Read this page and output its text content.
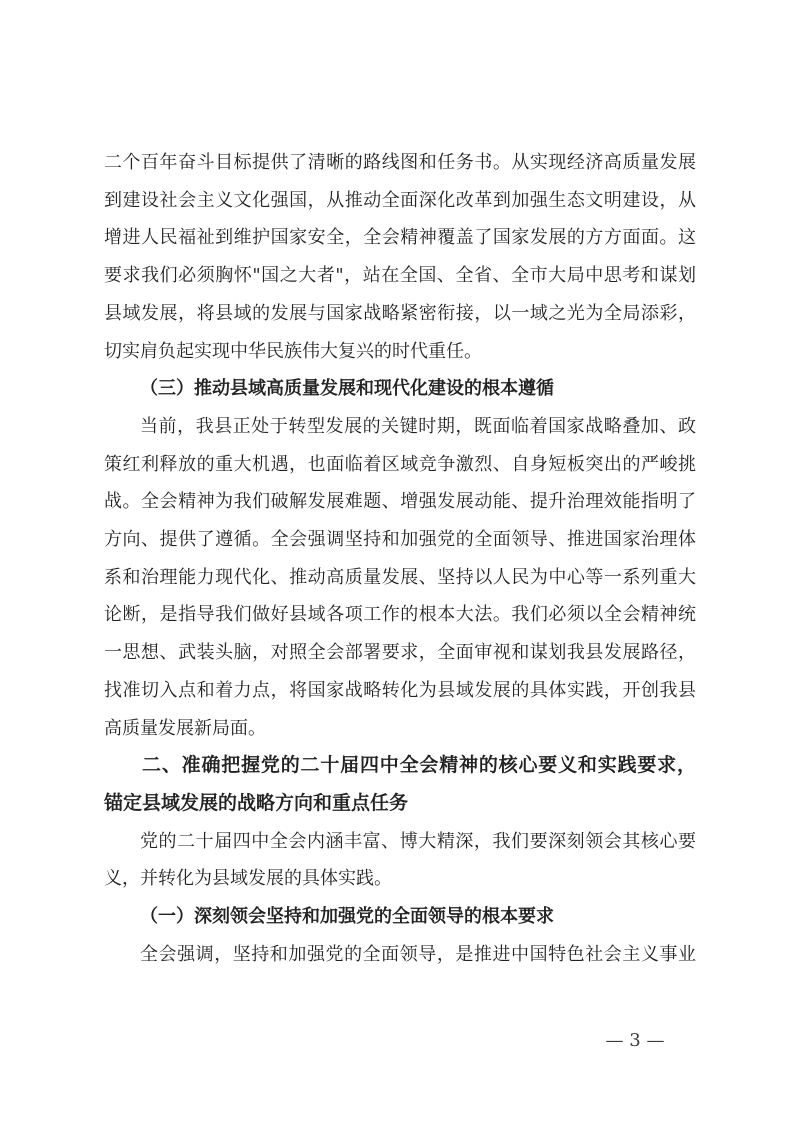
二个百年奋斗目标提供了清晰的路线图和任务书。从实现经济高质量发展

到建设社会主义文化强国，从推动全面深化改革到加强生态文明建设，从

增进人民福祉到维护国家安全，全会精神覆盖了国家发展的方方面面。这

要求我们必须胸怀"国之大者"，站在全国、全省、全市大局中思考和谋划

县域发展，将县域的发展与国家战略紧密衔接，以一域之光为全局添彩，

切实肩负起实现中华民族伟大复兴的时代重任。

（三）推动县域高质量发展和现代化建设的根本遵循

当前，我县正处于转型发展的关键时期，既面临着国家战略叠加、政

策红利释放的重大机遇，也面临着区域竞争激烈、自身短板突出的严峻挑

战。全会精神为我们破解发展难题、增强发展动能、提升治理效能指明了

方向、提供了遵循。全会强调坚持和加强党的全面领导、推进国家治理体

系和治理能力现代化、推动高质量发展、坚持以人民为中心等一系列重大

论断，是指导我们做好县域各项工作的根本大法。我们必须以全会精神统

一思想、武装头脑，对照全会部署要求，全面审视和谋划我县发展路径，

找准切入点和着力点，将国家战略转化为县域发展的具体实践，开创我县

高质量发展新局面。

二、准确把握党的二十届四中全会精神的核心要义和实践要求，

锚定县域发展的战略方向和重点任务

党的二十届四中全会内涵丰富、博大精深，我们要深刻领会其核心要

义，并转化为县域发展的具体实践。

（一）深刻领会坚持和加强党的全面领导的根本要求

全会强调，坚持和加强党的全面领导，是推进中国特色社会主义事业

— 3 —
